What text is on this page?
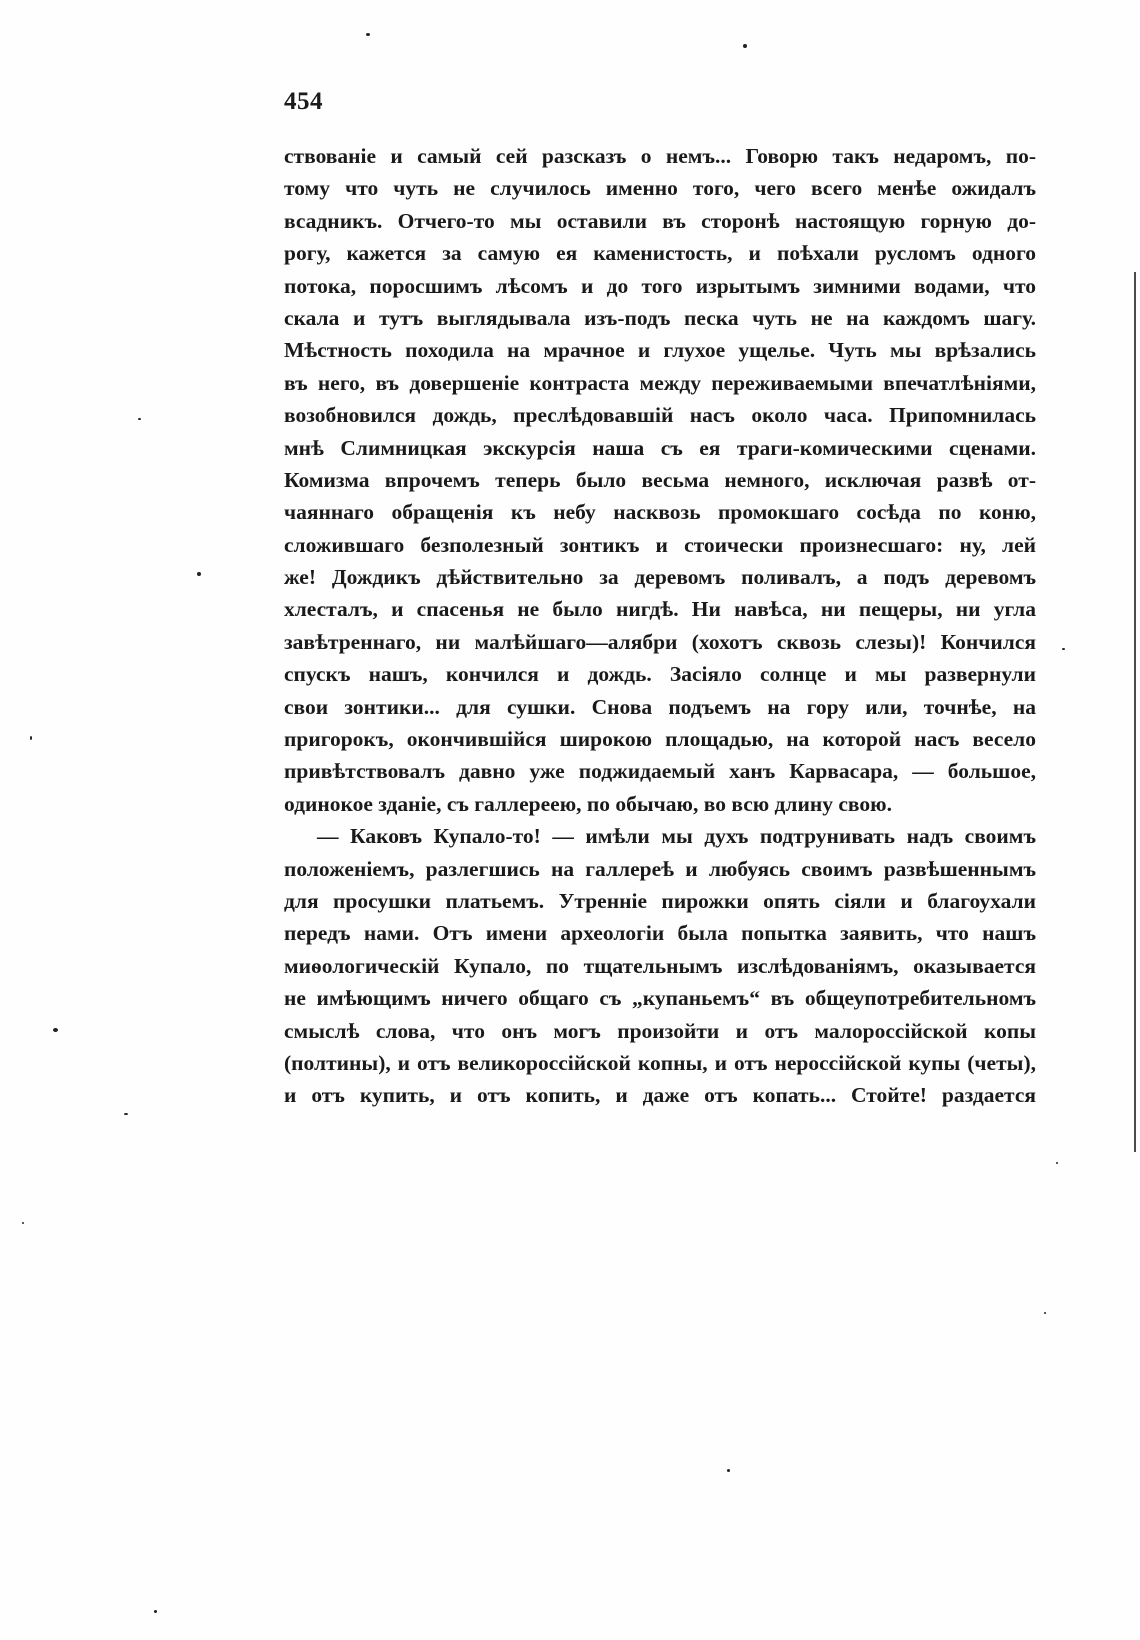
454
ствованіе и самый сей разсказъ о немъ... Говорю такъ недаромъ, по-
тому что чуть не случилось именно того, чего всего менѣе ожидалъ
всадникъ. Отчего-то мы оставили въ сторонѣ настоящую горную до-
рогу, кажется за самую ея каменистость, и поѣхали русломъ одного
потока, поросшимъ лѣсомъ и до того изрытымъ зимними водами, что
скала и тутъ выглядывала изъ-подъ песка чуть не на каждомъ шагу.
Мѣстность походила на мрачное и глухое ущелье. Чуть мы врѣзались
въ него, въ довершеніе контраста между переживаемыми впечатлѣніями,
возобновился дождь, преслѣдовавшій насъ около часа. Припомнилась
мнѣ Слимницкая экскурсія наша съ ея траги-комическими сценами.
Комизма впрочемъ теперь было весьма немного, исключая развѣ от-
чаяннаго обращенія къ небу насквозь промокшаго сосѣда по коню,
сложившаго безполезный зонтикъ и стоически произнесшаго: ну, лей
же! Дождикъ дѣйствительно за деревомъ поливалъ, а подъ деревомъ
хлесталъ, и спасенья не было нигдѣ. Ни навѣса, ни пещеры, ни угла
завѣтреннаго, ни малѣйшаго—алябри (хохотъ сквозь слезы)! Кончился
спускъ нашъ, кончился и дождь. Засіяло солнце и мы развернули
свои зонтики... для сушки. Снова подъемъ на гору или, точнѣе, на
пригорокъ, окончившійся широкою площадью, на которой насъ весело
привѣтствовалъ давно уже поджидаемый ханъ Карвасара, — большое,
одинокое зданіе, съ галлереею, по обычаю, во всю длину свою.
— Каковъ Купало-то! — имѣли мы духъ подтрунивать надъ своимъ
положеніемъ, разлегшись на галлереѣ и любуясь своимъ развѣшеннымъ
для просушки платьемъ. Утренніе пирожки опять сіяли и благоухали
передъ нами. Отъ имени археологіи была попытка заявить, что нашъ
миѳологическій Купало, по тщательнымъ изслѣдованіямъ, оказывается
не имѣющимъ ничего общаго съ „купаньемъ“ въ общеупотребительномъ
смыслѣ слова, что онъ могъ произойти и отъ малороссійской копы
(полтины), и отъ великороссійской копны, и отъ нероссійской купы (четы),
и отъ купить, и отъ копить, и даже отъ копать... Стойте! раздается
